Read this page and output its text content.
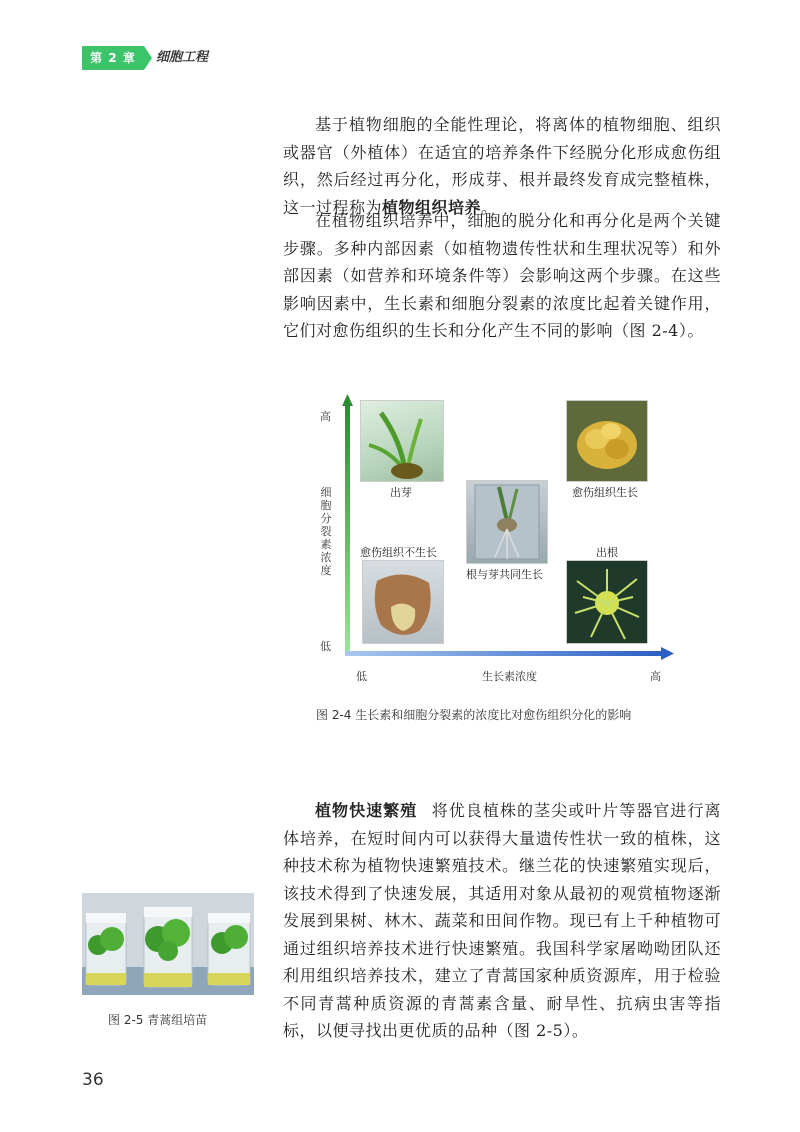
第 2 章	细胞工程

基于植物细胞的全能性理论，将离体的植物细胞、组织或器官（外植体）在适宜的培养条件下经脱分化形成愈伤组织，然后经过再分化，形成芽、根并最终发育成完整植株，这一过程称为植物组织培养。

在植物组织培养中，细胞的脱分化和再分化是两个关键步骤。多种内部因素（如植物遗传性状和生理状况等）和外部因素（如营养和环境条件等）会影响这两个步骤。在这些影响因素中，生长素和细胞分裂素的浓度比起着关键作用，它们对愈伤组织的生长和分化产生不同的影响（图 2-4）。

高
细胞分裂素浓度
低
低	生长素浓度	高
出芽	愈伤组织生长
根与芽共同生长
愈伤组织不生长	出根
图 2-4 生长素和细胞分裂素的浓度比对愈伤组织分化的影响

植物快速繁殖 将优良植株的茎尖或叶片等器官进行离体培养，在短时间内可以获得大量遗传性状一致的植株，这种技术称为植物快速繁殖技术。继兰花的快速繁殖实现后，该技术得到了快速发展，其适用对象从最初的观赏植物逐渐发展到果树、林木、蔬菜和田间作物。现已有上千种植物可通过组织培养技术进行快速繁殖。我国科学家屠呦呦团队还利用组织培养技术，建立了青蒿国家种质资源库，用于检验不同青蒿种质资源的青蒿素含量、耐旱性、抗病虫害等指标，以便寻找出更优质的品种（图 2-5）。

图 2-5 青蒿组培苗
36
